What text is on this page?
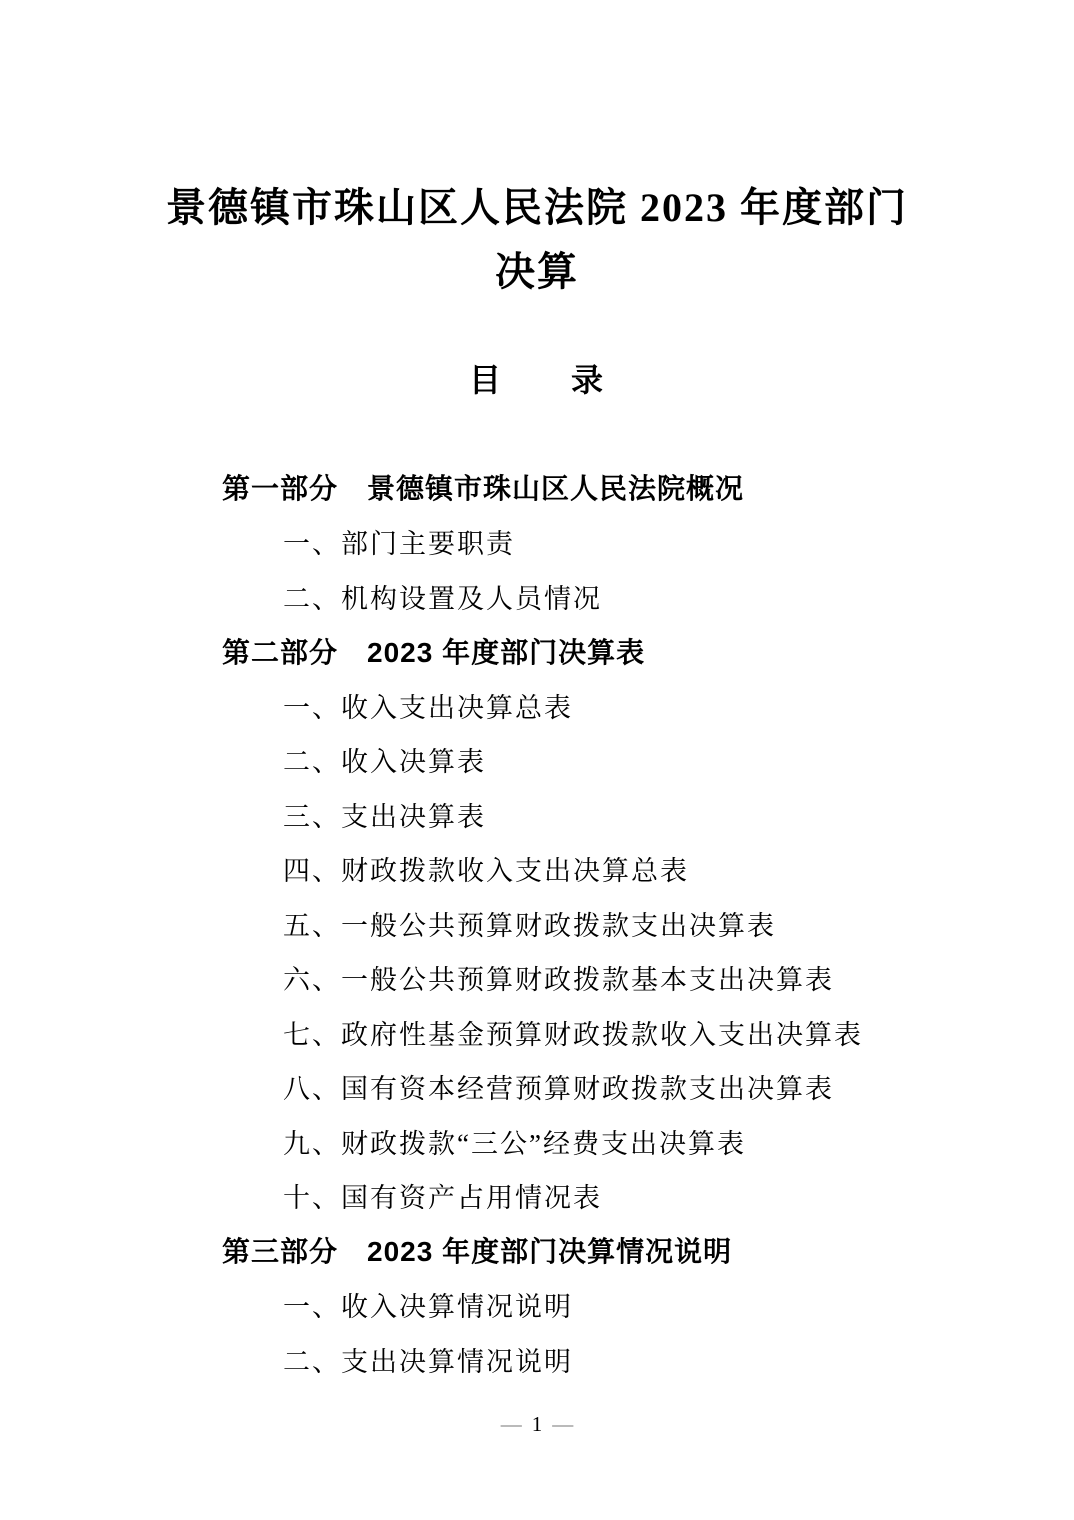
景德镇市珠山区人民法院 2023 年度部门
决算
目　　录
第一部分　景德镇市珠山区人民法院概况
一、部门主要职责
二、机构设置及人员情况
第二部分　2023 年度部门决算表
一、收入支出决算总表
二、收入决算表
三、支出决算表
四、财政拨款收入支出决算总表
五、一般公共预算财政拨款支出决算表
六、一般公共预算财政拨款基本支出决算表
七、政府性基金预算财政拨款收入支出决算表
八、国有资本经营预算财政拨款支出决算表
九、财政拨款“三公”经费支出决算表
十、国有资产占用情况表
第三部分　2023 年度部门决算情况说明
一、收入决算情况说明
二、支出决算情况说明
— 1 —
